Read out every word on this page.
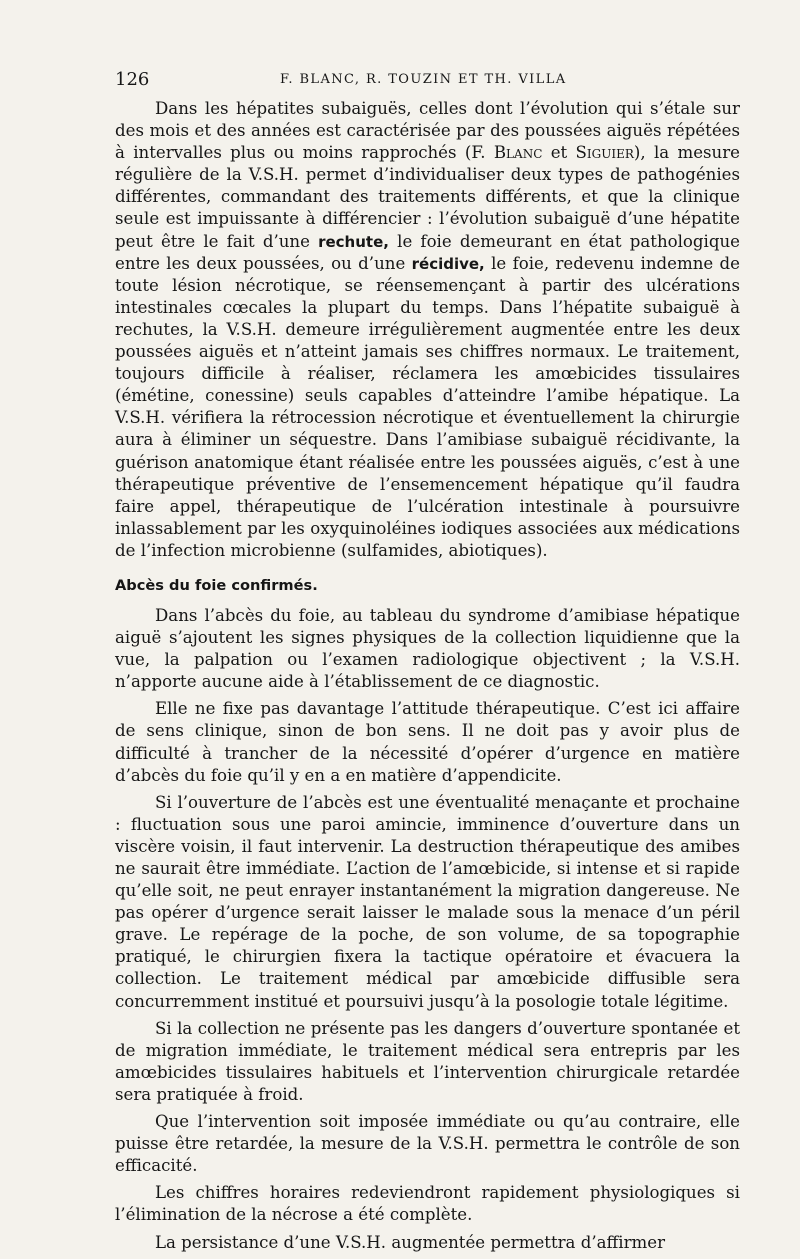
126	F. BLANC, R. TOUZIN ET TH. VILLA

Dans les hépatites subaiguës, celles dont l’évolution qui s’étale sur des mois et des années est caractérisée par des poussées aiguës répétées à intervalles plus ou moins rapprochés (F. Blanc et Siguier), la mesure régulière de la V.S.H. permet d’individualiser deux types de pathogénies différentes, commandant des traitements différents, et que la clinique seule est impuissante à différencier : l’évolution subaiguë d’une hépatite peut être le fait d’une rechute, le foie demeurant en état pathologique entre les deux poussées, ou d’une récidive, le foie, redevenu indemne de toute lésion nécrotique, se réensemençant à partir des ulcérations intestinales cœcales la plupart du temps. Dans l’hépatite subaiguë à rechutes, la V.S.H. demeure irrégulièrement augmentée entre les deux poussées aiguës et n’atteint jamais ses chiffres normaux. Le traitement, toujours difficile à réaliser, réclamera les amœbicides tissulaires (émétine, conessine) seuls capables d’atteindre l’amibe hépatique. La V.S.H. vérifiera la rétrocession nécrotique et éventuellement la chirurgie aura à éliminer un séquestre. Dans l’amibiase subaiguë récidivante, la guérison anatomique étant réalisée entre les poussées aiguës, c’est à une thérapeutique préventive de l’ensemencement hépatique qu’il faudra faire appel, thérapeutique de l’ulcération intestinale à poursuivre inlassablement par les oxyquinoléines iodiques associées aux médications de l’infection microbienne (sulfamides, abiotiques).

Abcès du foie confirmés.

Dans l’abcès du foie, au tableau du syndrome d’amibiase hépatique aiguë s’ajoutent les signes physiques de la collection liquidienne que la vue, la palpation ou l’examen radiologique objectivent ; la V.S.H. n’apporte aucune aide à l’établissement de ce diagnostic.

Elle ne fixe pas davantage l’attitude thérapeutique. C’est ici affaire de sens clinique, sinon de bon sens. Il ne doit pas y avoir plus de difficulté à trancher de la nécessité d’opérer d’urgence en matière d’abcès du foie qu’il y en a en matière d’appendicite.

Si l’ouverture de l’abcès est une éventualité menaçante et prochaine : fluctuation sous une paroi amincie, imminence d’ouverture dans un viscère voisin, il faut intervenir. La destruction thérapeutique des amibes ne saurait être immédiate. L’action de l’amœbicide, si intense et si rapide qu’elle soit, ne peut enrayer instantanément la migration dangereuse. Ne pas opérer d’urgence serait laisser le malade sous la menace d’un péril grave. Le repérage de la poche, de son volume, de sa topographie pratiqué, le chirurgien fixera la tactique opératoire et évacuera la collection. Le traitement médical par amœbicide diffusible sera concurremment institué et poursuivi jusqu’à la posologie totale légitime.

Si la collection ne présente pas les dangers d’ouverture spontanée et de migration immédiate, le traitement médical sera entrepris par les amœbicides tissulaires habituels et l’intervention chirurgicale retardée sera pratiquée à froid.

Que l’intervention soit imposée immédiate ou qu’au contraire, elle puisse être retardée, la mesure de la V.S.H. permettra le contrôle de son efficacité.

Les chiffres horaires redeviendront rapidement physiologiques si l’élimination de la nécrose a été complète.

La persistance d’une V.S.H. augmentée permettra d’affirmer
